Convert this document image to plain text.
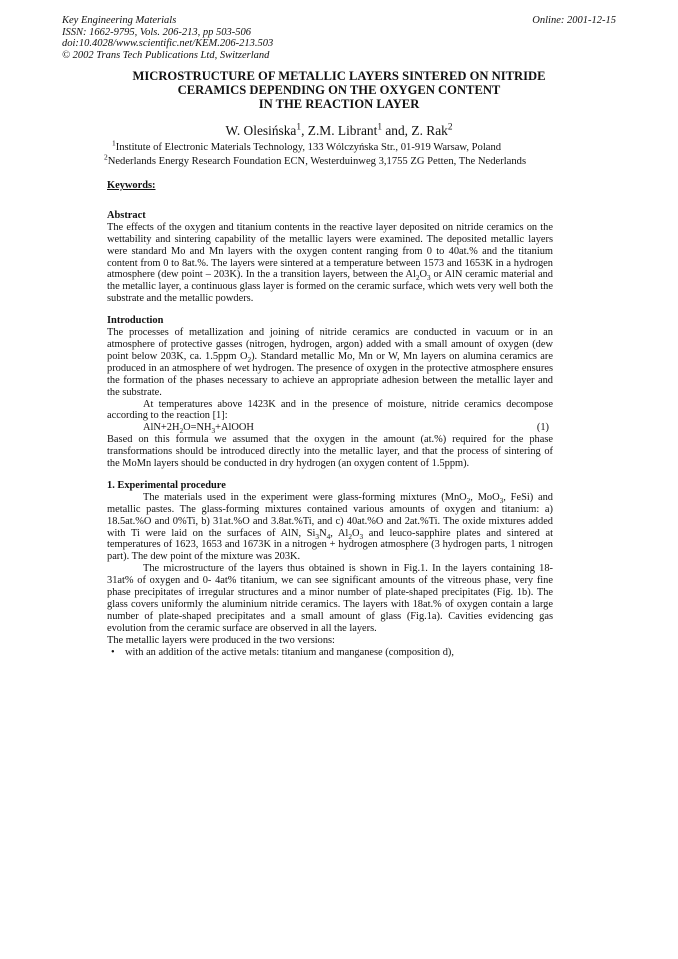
Key Engineering Materials
ISSN: 1662-9795, Vols. 206-213, pp 503-506
doi:10.4028/www.scientific.net/KEM.206-213.503
© 2002 Trans Tech Publications Ltd, Switzerland
Online: 2001-12-15
MICROSTRUCTURE OF METALLIC LAYERS SINTERED ON NITRIDE
CERAMICS DEPENDING ON THE OXYGEN CONTENT
IN THE REACTION LAYER
W. Olesińska$^1$, Z.M. Librant$^1$ and, Z. Rak$^2$
$^1$Institute of Electronic Materials Technology, 133 Wólczyńska Str., 01-919 Warsaw, Poland
$^2$Nederlands Energy Research Foundation ECN, Westerduinweg 3,1755 ZG Petten, The Nederlands

Keywords:

Abstract

The effects of the oxygen and titanium contents in the reactive layer deposited on nitride ceramics on the wettability and sintering capability of the metallic layers were examined. The deposited metallic layers were standard Mo and Mn layers with the oxygen content ranging from 0 to 40at.% and the titanium content from 0 to 8at.%. The layers were sintered at a temperature between 1573 and 1653K in a hydrogen atmosphere (dew point – 203K). In the a transition layers, between the $Al_2O_3$ or AlN ceramic material and the metallic layer, a continuous glass layer is formed on the ceramic surface, which wets very well both the substrate and the metallic powders.

Introduction

The processes of metallization and joining of nitride ceramics are conducted in vacuum or in an atmosphere of protective gasses (nitrogen, hydrogen, argon) added with a small amount of oxygen (dew point below 203K, ca. 1.5ppm $O_2$). Standard metallic Mo, Mn or W, Mn layers on alumina ceramics are produced in an atmosphere of wet hydrogen. The presence of oxygen in the protective atmosphere ensures the formation of the phases necessary to achieve an appropriate adhesion between the metallic layer and the substrate.

At temperatures above 1423K and in the presence of moisture, nitride ceramics decompose according to the reaction [1]:

$AlN+2H_2O=NH_3+AlOOH$	(1)

Based on this formula we assumed that the oxygen in the amount (at.%) required for the phase transformations should be introduced directly into the metallic layer, and that the process of sintering of the MoMn layers should be conducted in dry hydrogen (an oxygen content of 1.5ppm).

1. Experimental procedure

The materials used in the experiment were glass-forming mixtures (MnO$_2$, MoO$_3$, FeSi) and metallic pastes. The glass-forming mixtures contained various amounts of oxygen and titanium: a) 18.5at.%O and 0%Ti, b) 31at.%O and 3.8at.%Ti, and c) 40at.%O and 2at.%Ti. The oxide mixtures added with Ti were laid on the surfaces of AlN, $Si_3N_4$, $Al_2O_3$ and leuco-sapphire plates and sintered at temperatures of 1623, 1653 and 1673K in a nitrogen + hydrogen atmosphere (3 hydrogen parts, 1 nitrogen part). The dew point of the mixture was 203K.

The microstructure of the layers thus obtained is shown in Fig.1. In the layers containing 18-31at% of oxygen and 0- 4at% titanium, we can see significant amounts of the vitreous phase, very fine phase precipitates of irregular structures and a minor number of plate-shaped precipitates (Fig. 1b). The glass covers uniformly the aluminium nitride ceramics. The layers with 18at.% of oxygen contain a large number of plate-shaped precipitates and a small amount of glass (Fig.1a). Cavities evidencing gas evolution from the ceramic surface are observed in all the layers.

The metallic layers were produced in the two versions:

• with an addition of the active metals: titanium and manganese (composition d),
